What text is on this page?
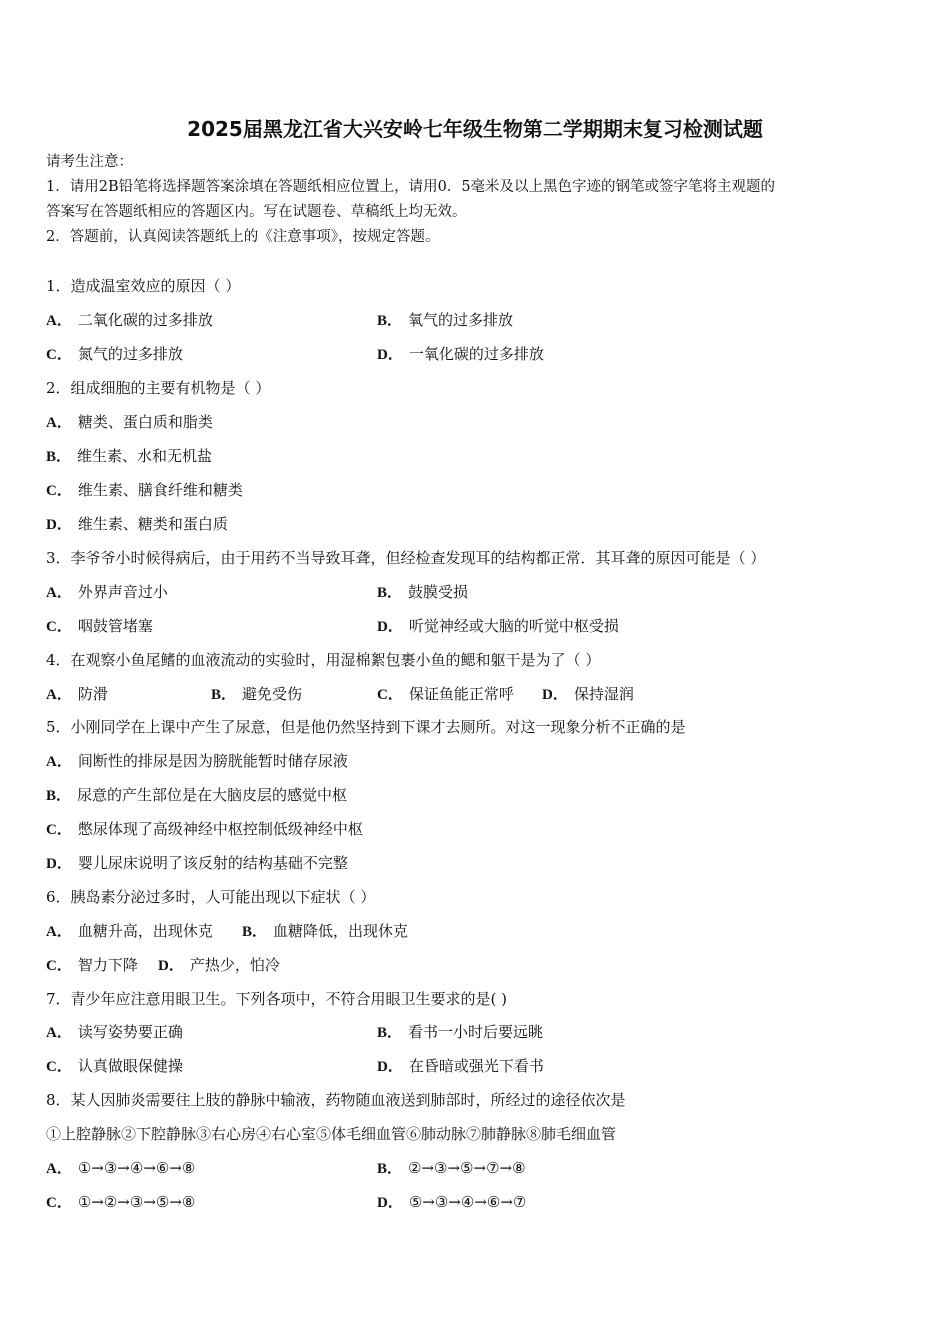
2025届黑龙江省大兴安岭七年级生物第二学期期末复习检测试题
请考生注意：
1．请用2B铅笔将选择题答案涂填在答题纸相应位置上，请用0．5毫米及以上黑色字迹的钢笔或签字笔将主观题的
答案写在答题纸相应的答题区内。写在试题卷、草稿纸上均无效。
2．答题前，认真阅读答题纸上的《注意事项》，按规定答题。
1．造成温室效应的原因（ ）
A． 二氧化碳的过多排放	B． 氧气的过多排放
C． 氮气的过多排放	D． 一氧化碳的过多排放
2．组成细胞的主要有机物是（ ）
A． 糖类、蛋白质和脂类
B． 维生素、水和无机盐
C． 维生素、膳食纤维和糖类
D． 维生素、糖类和蛋白质
3．李爷爷小时候得病后，由于用药不当导致耳聋，但经检查发现耳的结构都正常．其耳聋的原因可能是（ ）
A． 外界声音过小	B． 鼓膜受损
C． 咽鼓管堵塞	D． 听觉神经或大脑的听觉中枢受损
4．在观察小鱼尾鳍的血液流动的实验时，用湿棉絮包裹小鱼的鳃和躯干是为了（ ）
A． 防滑	B． 避免受伤	C． 保证鱼能正常呼 D． 保持湿润
5．小刚同学在上课中产生了尿意，但是他仍然坚持到下课才去厕所。对这一现象分析不正确的是
A． 间断性的排尿是因为膀胱能暂时储存尿液
B． 尿意的产生部位是在大脑皮层的感觉中枢
C． 憋尿体现了高级神经中枢控制低级神经中枢
D． 婴儿尿床说明了该反射的结构基础不完整
6．胰岛素分泌过多时，人可能出现以下症状（ ）
A． 血糖升高，出现休克 B． 血糖降低，出现休克
C． 智力下降 D． 产热少，怕冷
7．青少年应注意用眼卫生。下列各项中，不符合用眼卫生要求的是( )
A． 读写姿势要正确	B． 看书一小时后要远眺
C． 认真做眼保健操	D． 在昏暗或强光下看书
8．某人因肺炎需要往上肢的静脉中输液，药物随血液送到肺部时，所经过的途径依次是
①上腔静脉②下腔静脉③右心房④右心室⑤体毛细血管⑥肺动脉⑦肺静脉⑧肺毛细血管
A． ①→③→④→⑥→⑧	B． ②→③→⑤→⑦→⑧
C． ①→②→③→⑤→⑧	D． ⑤→③→④→⑥→⑦
